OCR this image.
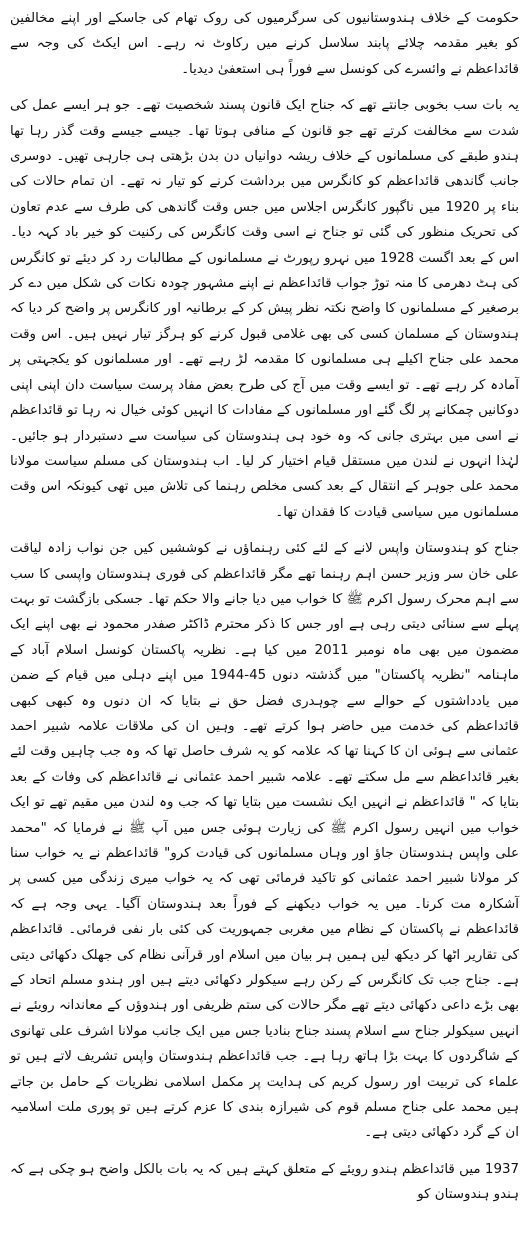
حکومت کے خلاف ہندوستانیوں کی سرگرمیوں کی روک تھام کی جاسکے اور اپنے مخالفین کو بغیر مقدمہ چلائے پابند سلاسل کرنے میں رکاوٹ نہ رہے۔ اس ایکٹ کی وجہ سے قائداعظم نے وائسرے کی کونسل سے فوراً ہی استعفیٰ دیدیا۔

یہ بات سب بخوبی جانتے تھے کہ جناح ایک قانون پسند شخصیت تھے۔ جو ہر ایسے عمل کی شدت سے مخالفت کرتے تھے جو قانون کے منافی ہوتا تھا۔ جیسے جیسے وقت گذر رہا تھا ہندو طبقے کی مسلمانوں کے خلاف ریشہ دوانیاں دن بدن بڑھتی ہی جارہی تھیں۔ دوسری جانب گاندھی قائداعظم کو کانگرس میں برداشت کرنے کو تیار نہ تھے۔ ان تمام حالات کی بناء پر 1920 میں ناگپور کانگرس اجلاس میں جس وقت گاندھی کی طرف سے عدم تعاون کی تحریک منظور کی گئی تو جناح نے اسی وقت کانگرس کی رکنیت کو خیر باد کہہ دیا۔ اس کے بعد اگست 1928 میں نہرو رپورٹ نے مسلمانوں کے مطالبات رد کر دیئے تو کانگرس کی ہٹ دھرمی کا منہ توڑ جواب قائداعظم نے اپنے مشہور چودہ نکات کی شکل میں دے کر برصغیر کے مسلمانوں کا واضح نکتہ نظر پیش کر کے برطانیہ اور کانگرس پر واضح کر دیا کہ ہندوستان کے مسلمان کسی کی بھی غلامی قبول کرنے کو ہرگز تیار نہیں ہیں۔ اس وقت محمد علی جناح اکیلے ہی مسلمانوں کا مقدمہ لڑ رہے تھے۔ اور مسلمانوں کو یکجہتی پر آمادہ کر رہے تھے۔ تو ایسے وقت میں آج کی طرح بعض مفاد پرست سیاست دان اپنی اپنی دوکانیں چمکانے پر لگ گئے اور مسلمانوں کے مفادات کا انہیں کوئی خیال نہ رہا تو قائداعظم نے اسی میں بہتری جانی کہ وہ خود ہی ہندوستان کی سیاست سے دستبردار ہو جائیں۔ لہٰذا انہوں نے لندن میں مستقل قیام اختیار کر لیا۔ اب ہندوستان کی مسلم سیاست مولانا محمد علی جوہر کے انتقال کے بعد کسی مخلص رہنما کی تلاش میں تھی کیونکہ اس وقت مسلمانوں میں سیاسی قیادت کا فقدان تھا۔

جناح کو ہندوستان واپس لانے کے لئے کئی رہنماؤں نے کوششیں کیں جن نواب زادہ لیاقت علی خان سر وزیر حسن اہم رہنما تھے مگر قائداعظم کی فوری ہندوستان واپسی کا سب سے اہم محرک رسول اکرم ﷺ کا خواب میں دیا جانے والا حکم تھا۔ جسکی بازگشت تو بہت پہلے سے سنائی دیتی رہی ہے اور جس کا ذکر محترم ڈاکٹر صفدر محمود نے بھی اپنے ایک مضمون میں بھی ماہ نومبر 2011 میں کیا ہے۔ نظریہ پاکستان کونسل اسلام آباد کے ماہنامہ "نظریہ پاکستان" میں گذشتہ دنوں 45-1944 میں اپنے دہلی میں قیام کے ضمن میں یادداشتوں کے حوالے سے چوہدری فضل حق نے بتایا کہ ان دنوں وہ کبھی کبھی قائداعظم کی خدمت میں حاضر ہوا کرتے تھے۔ وہیں ان کی ملاقات علامہ شبیر احمد عثمانی سے ہوئی ان کا کہنا تھا کہ علامہ کو یہ شرف حاصل تھا کہ وہ جب چاہیں وقت لئے بغیر قائداعظم سے مل سکتے تھے۔ علامہ شبیر احمد عثمانی نے قائداعظم کی وفات کے بعد بتایا کہ " قائداعظم نے انہیں ایک نشست میں بتایا تھا کہ جب وہ لندن میں مقیم تھے تو ایک خواب میں انہیں رسول اکرم ﷺ کی زیارت ہوئی جس میں آپ ﷺ نے فرمایا کہ "محمد علی واپس ہندوستان جاؤ اور وہاں مسلمانوں کی قیادت کرو" قائداعظم نے یہ خواب سنا کر مولانا شبیر احمد عثمانی کو تاکید فرمائی تھی کہ یہ خواب میری زندگی میں کسی پر آشکارہ مت کرنا۔ میں یہ خواب دیکھنے کے فوراً بعد ہندوستان آگیا۔ یہی وجہ ہے کہ قائداعظم نے پاکستان کے نظام میں مغربی جمہوریت کی کئی بار نفی فرمائی۔ قائداعظم کی تقاریر اٹھا کر دیکھ لیں ہمیں ہر بیان میں اسلام اور قرآنی نظام کی جھلک دکھائی دیتی ہے۔ جناح جب تک کانگرس کے رکن رہے سیکولر دکھائی دیتے ہیں اور ہندو مسلم اتحاد کے بھی بڑے داعی دکھائی دیتے تھے مگر حالات کی ستم ظریفی اور ہندوؤں کے معاندانہ رویئے نے انہیں سیکولر جناح سے اسلام پسند جناح بنادیا جس میں ایک جانب مولانا اشرف علی تھانوی کے شاگردوں کا بہت بڑا ہاتھ رہا ہے۔ جب قائداعظم ہندوستان واپس تشریف لاتے ہیں تو علماء کی تربیت اور رسول کریم کی ہدایت پر مکمل اسلامی نظریات کے حامل بن جاتے ہیں محمد علی جناح مسلم قوم کی شیرازہ بندی کا عزم کرتے ہیں تو پوری ملت اسلامیہ ان کے گرد دکھائی دیتی ہے۔

1937 میں قائداعظم ہندو رویئے کے متعلق کہتے ہیں کہ یہ بات بالکل واضح ہو چکی ہے کہ ہندو ہندوستان کو
